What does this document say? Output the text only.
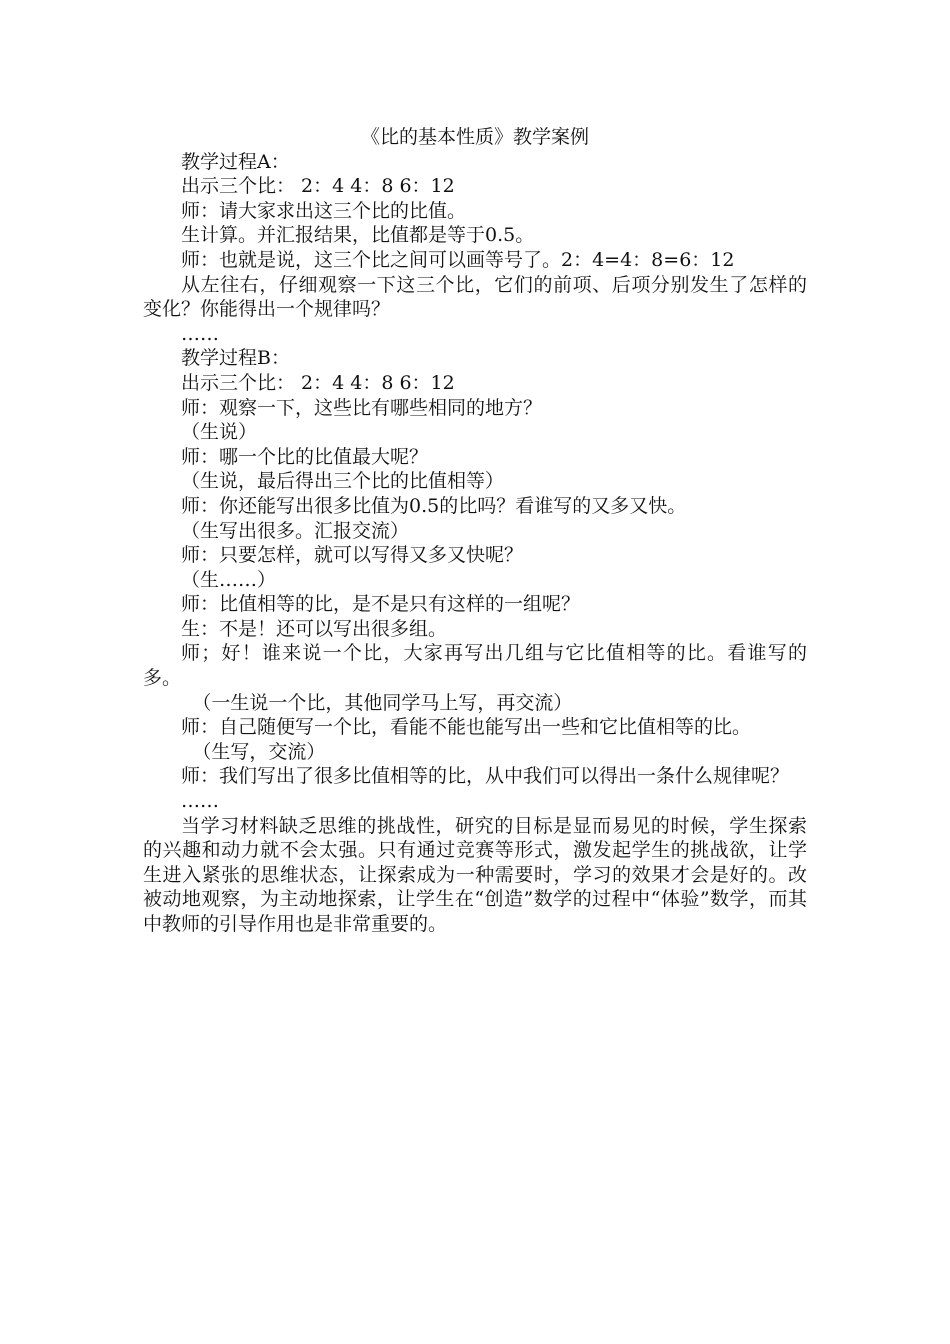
《比的基本性质》教学案例

教学过程A：

出示三个比： 2：4 4：8 6：12

师：请大家求出这三个比的比值。

生计算。并汇报结果，比值都是等于0.5。

师：也就是说，这三个比之间可以画等号了。2：4=4：8=6：12

从左往右，仔细观察一下这三个比，它们的前项、后项分别发生了怎样的变化？你能得出一个规律吗？

……

教学过程B：

出示三个比： 2：4 4：8 6：12

师：观察一下，这些比有哪些相同的地方？

（生说）

师：哪一个比的比值最大呢？

（生说，最后得出三个比的比值相等）

师：你还能写出很多比值为0.5的比吗？看谁写的又多又快。

（生写出很多。汇报交流）

师：只要怎样，就可以写得又多又快呢？

（生……）

师：比值相等的比，是不是只有这样的一组呢？

生：不是！还可以写出很多组。

师；好！谁来说一个比，大家再写出几组与它比值相等的比。看谁写的多。

（一生说一个比，其他同学马上写，再交流）

师：自己随便写一个比，看能不能也能写出一些和它比值相等的比。

（生写，交流）

师：我们写出了很多比值相等的比，从中我们可以得出一条什么规律呢？

……

当学习材料缺乏思维的挑战性，研究的目标是显而易见的时候，学生探索的兴趣和动力就不会太强。只有通过竞赛等形式，激发起学生的挑战欲，让学生进入紧张的思维状态，让探索成为一种需要时，学习的效果才会是好的。改被动地观察，为主动地探索，让学生在“创造”数学的过程中“体验”数学，而其中教师的引导作用也是非常重要的。
